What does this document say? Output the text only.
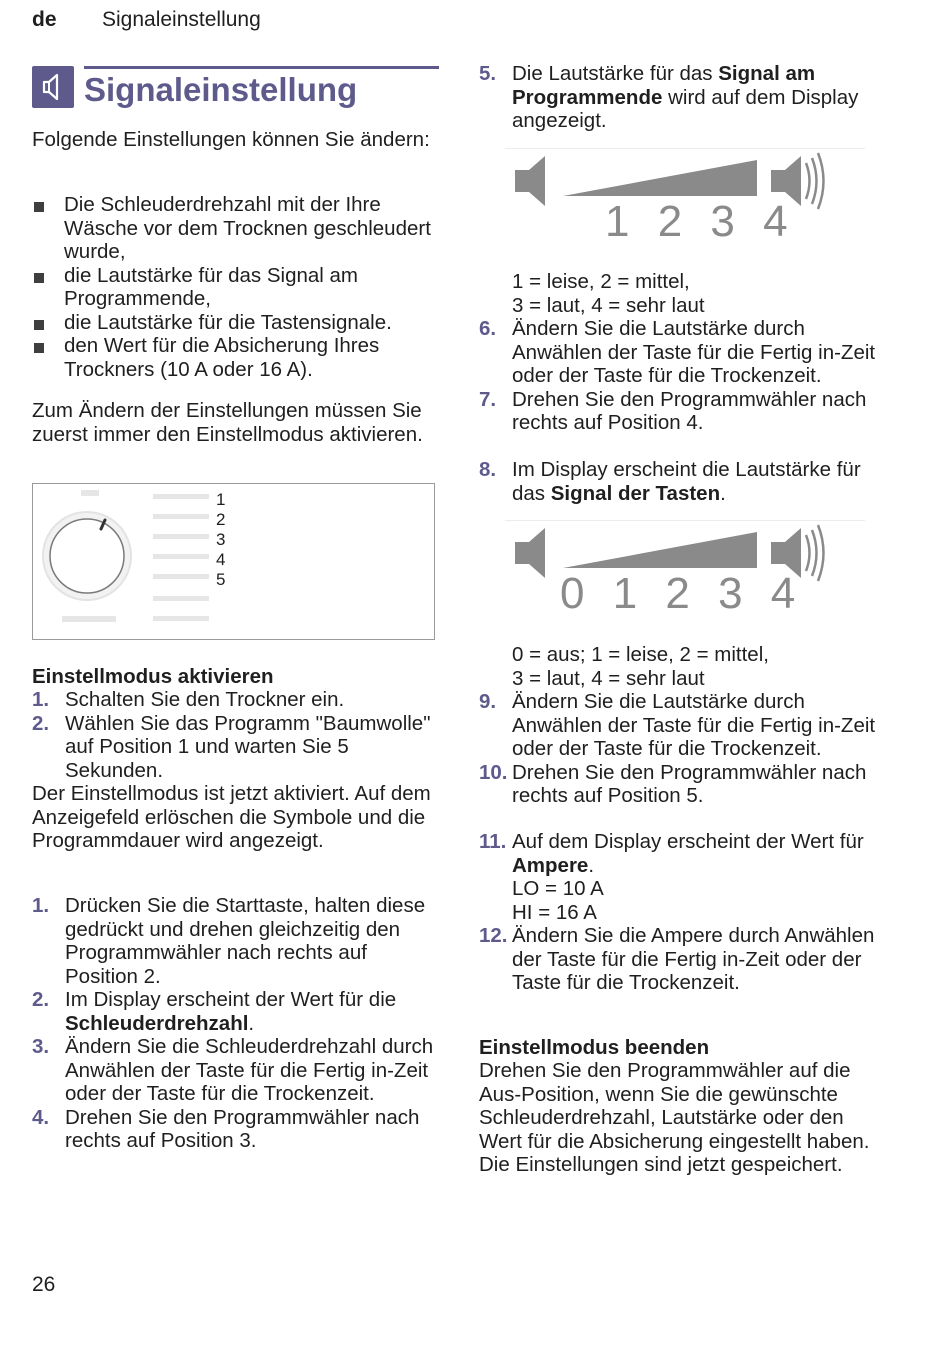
de Signaleinstellung
Signaleinstellung
Folgende Einstellungen können Sie ändern:
Die Schleuderdrehzahl mit der Ihre Wäsche vor dem Trocknen geschleudert wurde,
die Lautstärke für das Signal am Programmende,
die Lautstärke für die Tastensignale.
den Wert für die Absicherung Ihres Trockners (10 A oder 16 A).
Zum Ändern der Einstellungen müssen Sie zuerst immer den Einstellmodus aktivieren.
1
2
3
4
5
Einstellmodus aktivieren
1. Schalten Sie den Trockner ein.
2. Wählen Sie das Programm "Baumwolle" auf Position 1 und warten Sie 5 Sekunden.
Der Einstellmodus ist jetzt aktiviert. Auf dem Anzeigefeld erlöschen die Symbole und die Programmdauer wird angezeigt.
1. Drücken Sie die Starttaste, halten diese gedrückt und drehen gleichzeitig den Programmwähler nach rechts auf Position 2.
2. Im Display erscheint der Wert für die Schleuderdrehzahl.
3. Ändern Sie die Schleuderdrehzahl durch Anwählen der Taste für die Fertig in-Zeit oder der Taste für die Trockenzeit.
4. Drehen Sie den Programmwähler nach rechts auf Position 3.
5. Die Lautstärke für das Signal am Programmende wird auf dem Display angezeigt.
1 2 3 4
1 = leise, 2 = mittel,
3 = laut, 4 = sehr laut
6. Ändern Sie die Lautstärke durch Anwählen der Taste für die Fertig in-Zeit oder der Taste für die Trockenzeit.
7. Drehen Sie den Programmwähler nach rechts auf Position 4.
8. Im Display erscheint die Lautstärke für das Signal der Tasten.
0 1 2 3 4
0 = aus; 1 = leise, 2 = mittel,
3 = laut, 4 = sehr laut
9. Ändern Sie die Lautstärke durch Anwählen der Taste für die Fertig in-Zeit oder der Taste für die Trockenzeit.
10. Drehen Sie den Programmwähler nach rechts auf Position 5.
11. Auf dem Display erscheint der Wert für Ampere.
LO = 10 A
HI = 16 A
12. Ändern Sie die Ampere durch Anwählen der Taste für die Fertig in-Zeit oder der Taste für die Trockenzeit.
Einstellmodus beenden
Drehen Sie den Programmwähler auf die Aus-Position, wenn Sie die gewünschte Schleuderdrehzahl, Lautstärke oder den Wert für die Absicherung eingestellt haben. Die Einstellungen sind jetzt gespeichert.
26
